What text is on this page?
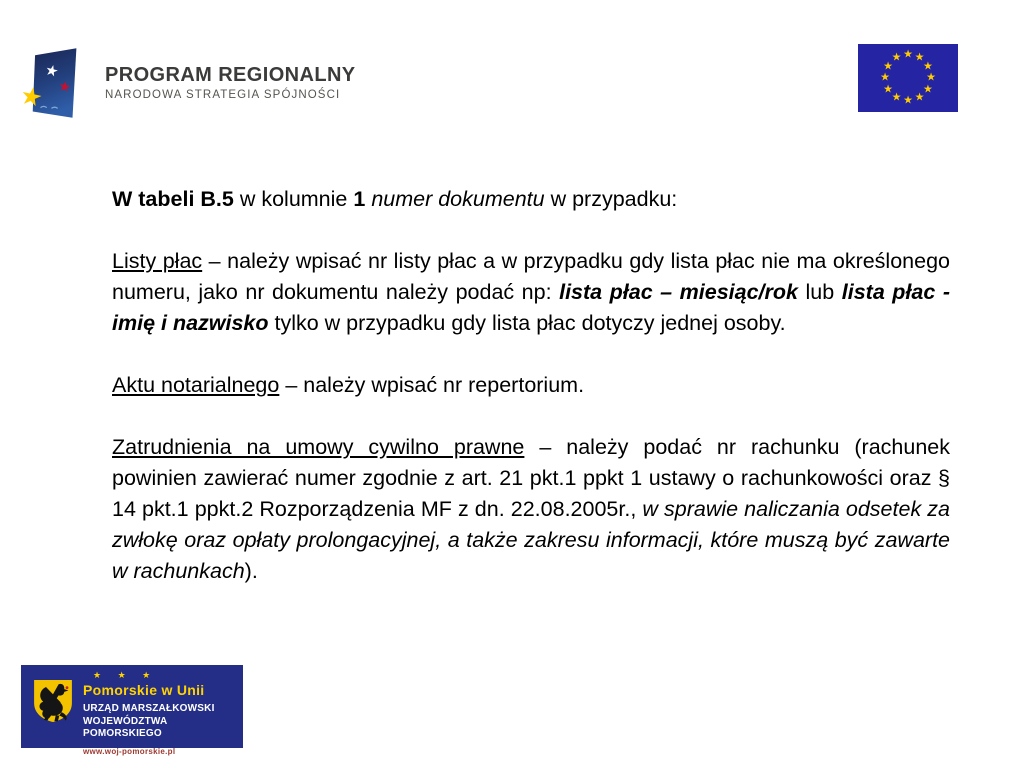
★
★
★
PROGRAM REGIONALNY
NARODOWA STRATEGIA SPÓJNOŚCI
★ ★
★
★
★
★
★
★
★
★
★
★

W tabeli B.5 w kolumnie 1 numer dokumentu w przypadku:

Listy płac – należy wpisać nr listy płac a w przypadku gdy lista płac nie ma określonego numeru, jako nr dokumentu należy podać np: lista płac – miesiąc/rok lub lista płac - imię i nazwisko tylko w przypadku gdy lista płac dotyczy jednej osoby.

Aktu notarialnego – należy wpisać nr repertorium.

Zatrudnienia na umowy cywilno prawne – należy podać nr rachunku (rachunek powinien zawierać numer zgodnie z art. 21 pkt.1 ppkt 1 ustawy o rachunkowości oraz § 14 pkt.1 ppkt.2 Rozporządzenia MF z dn. 22.08.2005r., w sprawie naliczania odsetek za zwłokę oraz opłaty prolongacyjnej, a także zakresu informacji, które muszą być zawarte w rachunkach).

★ ★ ★
Pomorskie w Unii
URZĄD MARSZAŁKOWSKI
WOJEWÓDZTWA POMORSKIEGO
www.woj-pomorskie.pl
